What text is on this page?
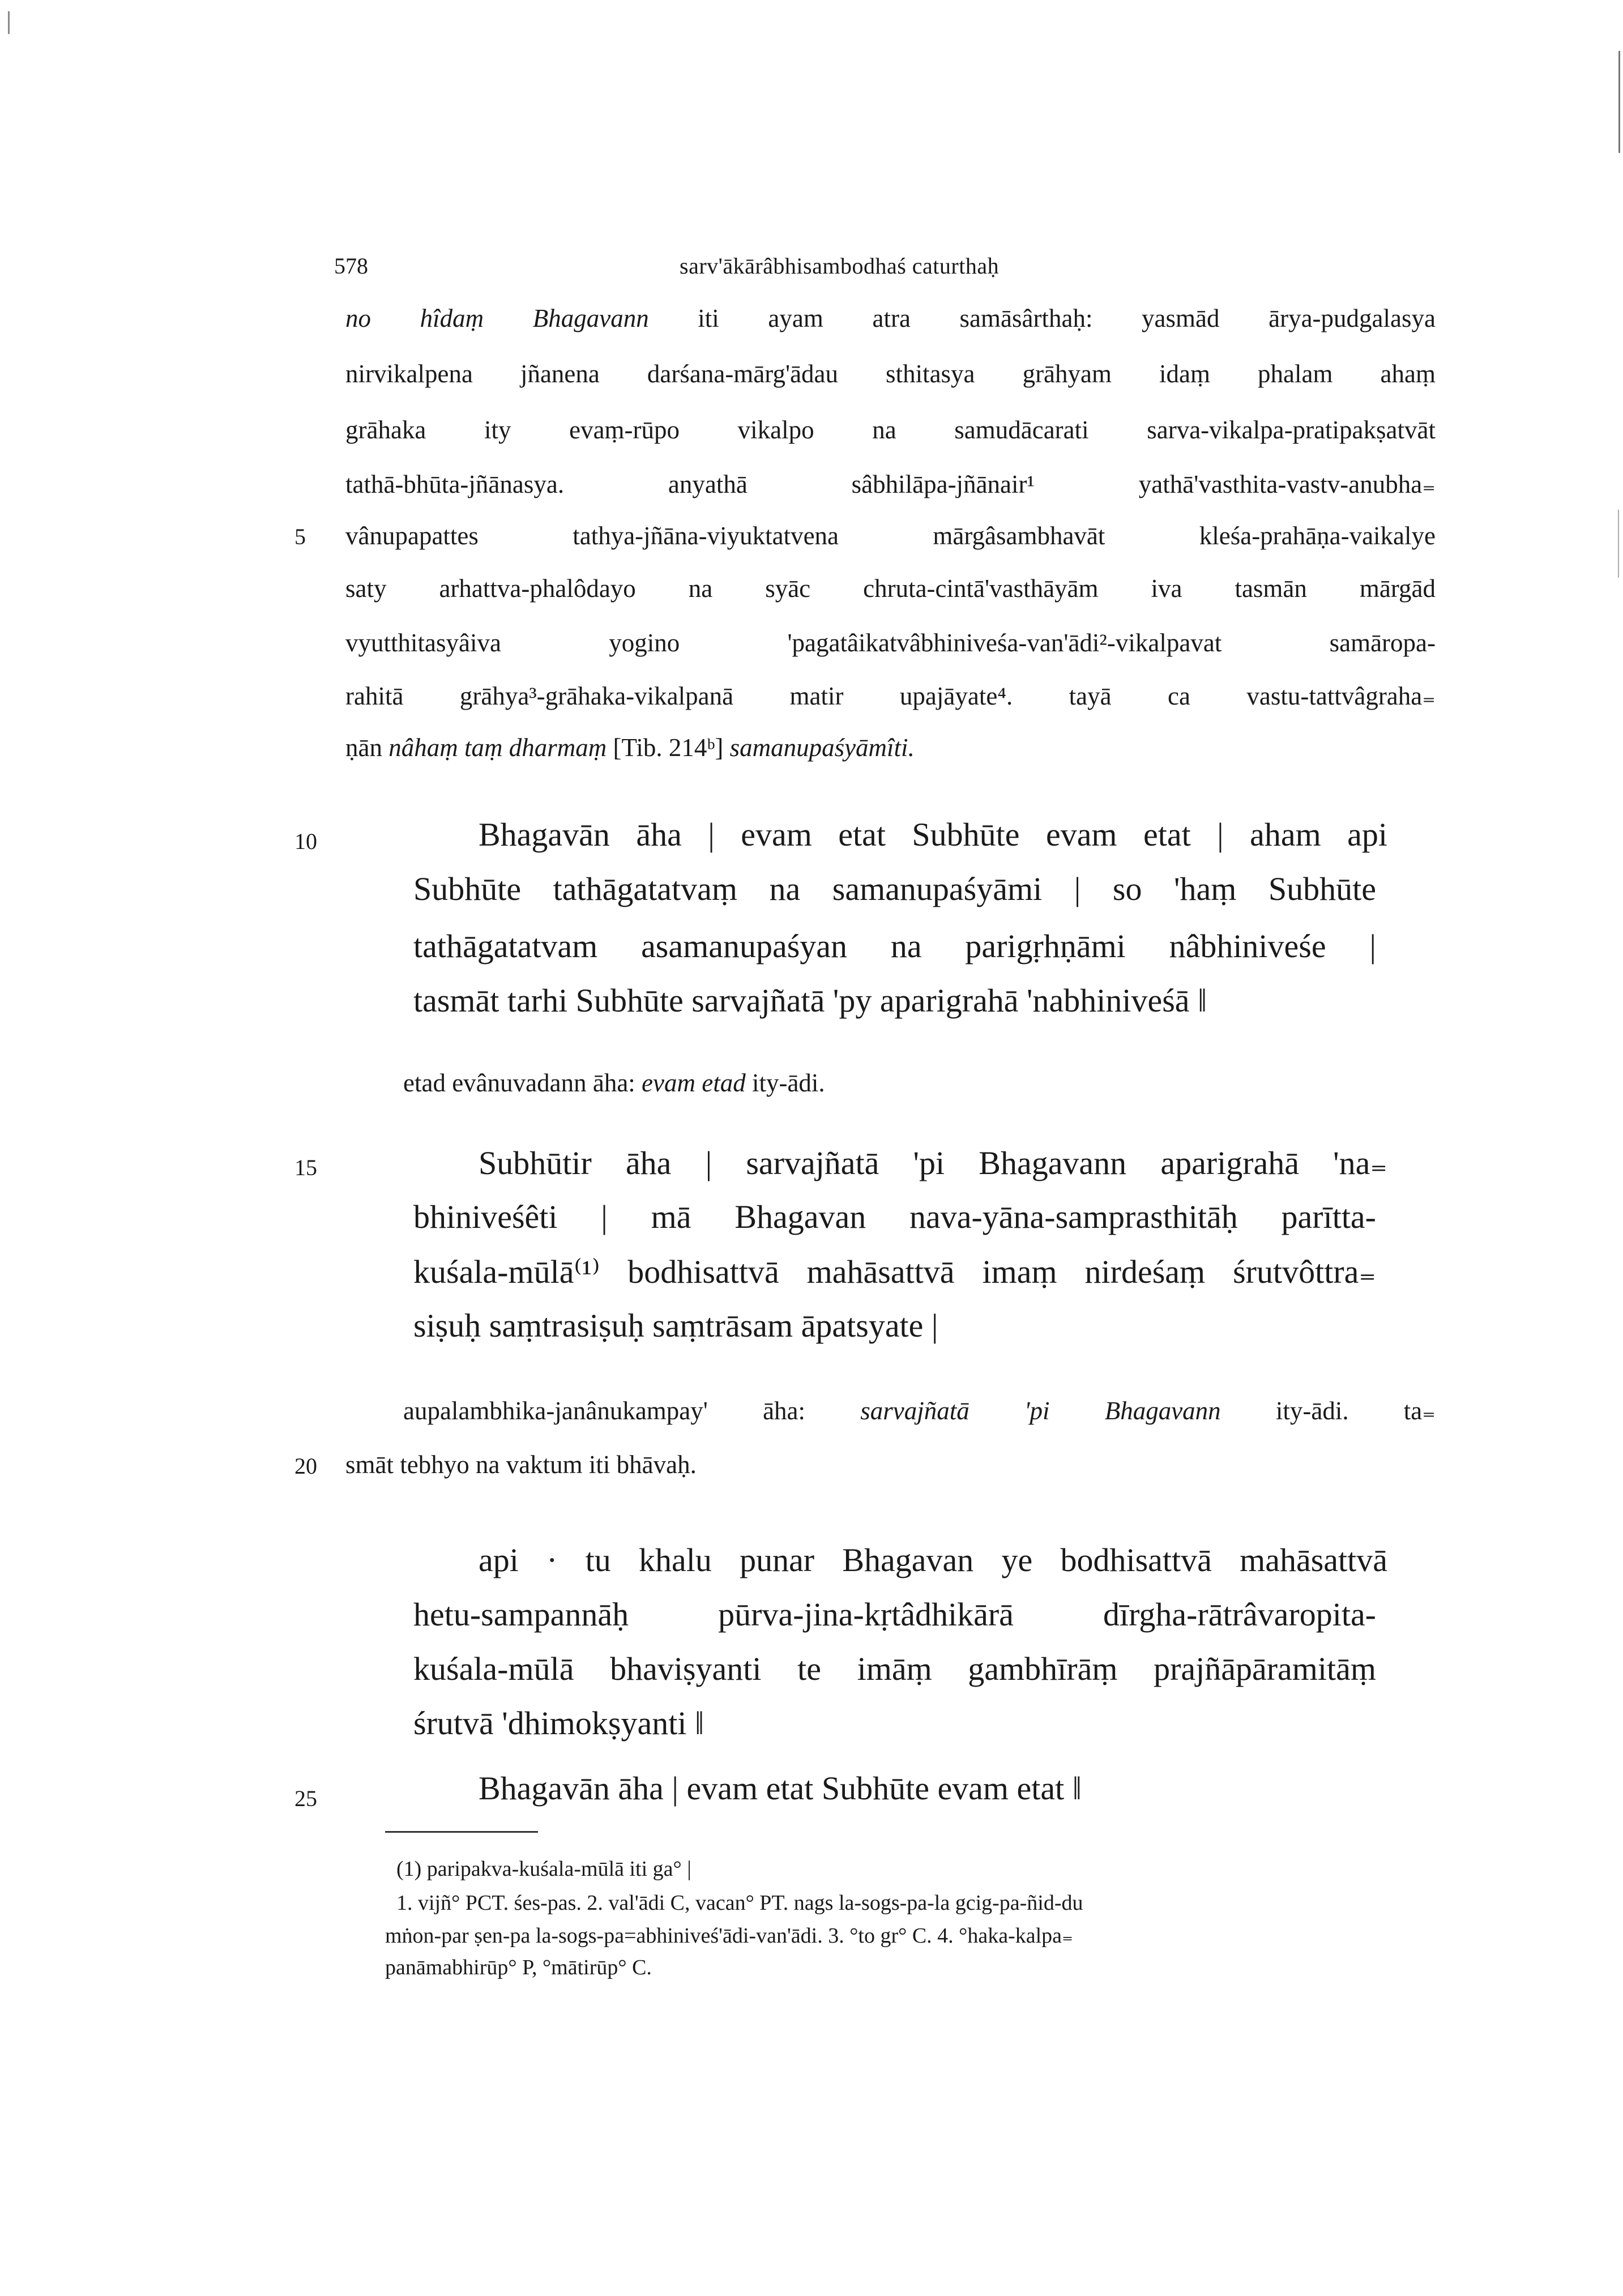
578	sarv'ākārâbhisambodhaś caturthaḥ
no hîdaṃ Bhagavann iti ayam atra samāsârthaḥ: yasmād ārya-pudgalasya
nirvikalpena jñanena darśana-mārg'ādau sthitasya grāhyam idaṃ phalam ahaṃ
grāhaka ity evaṃ-rūpo vikalpo na samudācarati sarva-vikalpa-pratipakṣatvāt
tathā-bhūta-jñānasya. anyathā sâbhilāpa-jñānair¹ yathā'vasthita-vastv-anubha₌
5 vânupapattes tathya-jñāna-viyuktatvena mārgâsambhavāt kleśa-prahāṇa-vaikalye
saty arhattva-phalôdayo na syāc chruta-cintā'vasthāyām iva tasmān mārgād
vyutthitasyâiva yogino 'pagatâikatvâbhiniveśa-van'ādi²-vikalpavat samāropa-
rahitā grāhya³-grāhaka-vikalpanā matir upajāyate⁴. tayā ca vastu-tattvâgraha₌
ṇān nâhaṃ taṃ dharmaṃ [Tib. 214ᵇ] samanupaśyāmîti.
10	Bhagavān āha | evam etat Subhūte evam etat | aham api
Subhūte tathāgatatvaṃ na samanupaśyāmi | so 'haṃ Subhūte
tathāgatatvam asamanupaśyan na parigṛhṇāmi nâbhiniveśe |
tasmāt tarhi Subhūte sarvajñatā 'py aparigrahā 'nabhiniveśā ‖
etad evânuvadann āha: evam etad ity-ādi.
15	Subhūtir āha | sarvajñatā 'pi Bhagavann aparigrahā 'na₌
bhiniveśêti | mā Bhagavan nava-yāna-samprasthitāḥ parītta-
kuśala-mūlā⁽¹⁾ bodhisattvā mahāsattvā imaṃ nirdeśaṃ śrutvôttra₌
siṣuḥ saṃtrasiṣuḥ saṃtrāsam āpatsyate |
aupalambhika-janânukampay' āha: sarvajñatā 'pi Bhagavann ity-ādi. ta₌
20 smāt tebhyo na vaktum iti bhāvaḥ.
api · tu khalu punar Bhagavan ye bodhisattvā mahāsattvā
hetu-sampannāḥ pūrva-jina-kṛtâdhikārā dīrgha-rātrâvaropita-
kuśala-mūlā bhaviṣyanti te imāṃ gambhīrāṃ prajñāpāramitāṃ
śrutvā 'dhimokṣyanti ‖
25	Bhagavān āha | evam etat Subhūte evam etat ‖
(1) paripakva-kuśala-mūlā iti ga° |
1. vijñ° PCT. śes-pas. 2. val'ādi C, vacan° PT. nags la-sogs-pa-la gcig-pa-ñid-du
mṅon-par ṣen-pa la-sogs-pa=abhiniveś'ādi-van'ādi. 3. °to gr° C. 4. °haka-kalpa₌
panāmabhirūp° P, °mātirūp° C.
